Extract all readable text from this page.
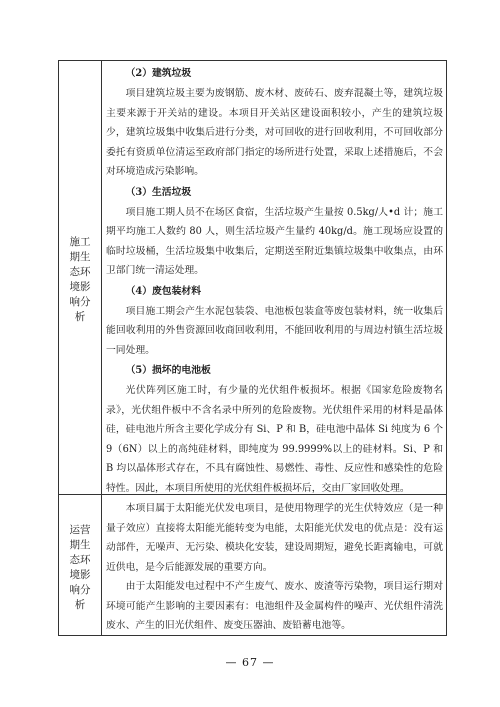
施工
期生
态环
境影
响分
析
（2）建筑垃圾

项目建筑垃圾主要为废钢筋、废木材、废砖石、废弃混凝土等，建筑垃圾主要来源于开关站的建设。本项目开关站区建设面积较小，产生的建筑垃圾少，建筑垃圾集中收集后进行分类，对可回收的进行回收利用，不可回收部分委托有资质单位清运至政府部门指定的场所进行处置，采取上述措施后，不会对环境造成污染影响。

（3）生活垃圾

项目施工期人员不在场区食宿，生活垃圾产生量按 0.5kg/人•d 计；施工期平均施工人数约 80 人，则生活垃圾产生量约 40kg/d。施工现场应设置的临时垃圾桶，生活垃圾集中收集后，定期送至附近集镇垃圾集中收集点，由环卫部门统一清运处理。

（4）废包装材料

项目施工期会产生水泥包装袋、电池板包装盒等废包装材料，统一收集后能回收利用的外售资源回收商回收利用，不能回收利用的与周边村镇生活垃圾一同处理。

（5）损坏的电池板

光伏阵列区施工时，有少量的光伏组件板损坏。根据《国家危险废物名录》，光伏组件板中不含名录中所列的危险废物。光伏组件采用的材料是晶体硅，硅电池片所含主要化学成分有 Si、P 和 B，硅电池中晶体 Si 纯度为 6 个 9（6N）以上的高纯硅材料，即纯度为 99.9999%以上的硅材料。Si、P 和 B 均以晶体形式存在，不具有腐蚀性、易燃性、毒性、反应性和感染性的危险特性。因此，本项目所使用的光伏组件板损坏后，交由厂家回收处理。

运营
期生
态环
境影
响分
析

本项目属于太阳能光伏发电项目，是使用物理学的光生伏特效应（是一种量子效应）直接将太阳能光能转变为电能，太阳能光伏发电的优点是：没有运动部件，无噪声、无污染、模块化安装，建设周期短，避免长距离输电，可就近供电，是今后能源发展的重要方向。

由于太阳能发电过程中不产生废气、废水、废渣等污染物，项目运行期对环境可能产生影响的主要因素有：电池组件及金属构件的噪声、光伏组件清洗废水、产生的旧光伏组件、废变压器油、废铅蓄电池等。

— 67 —
